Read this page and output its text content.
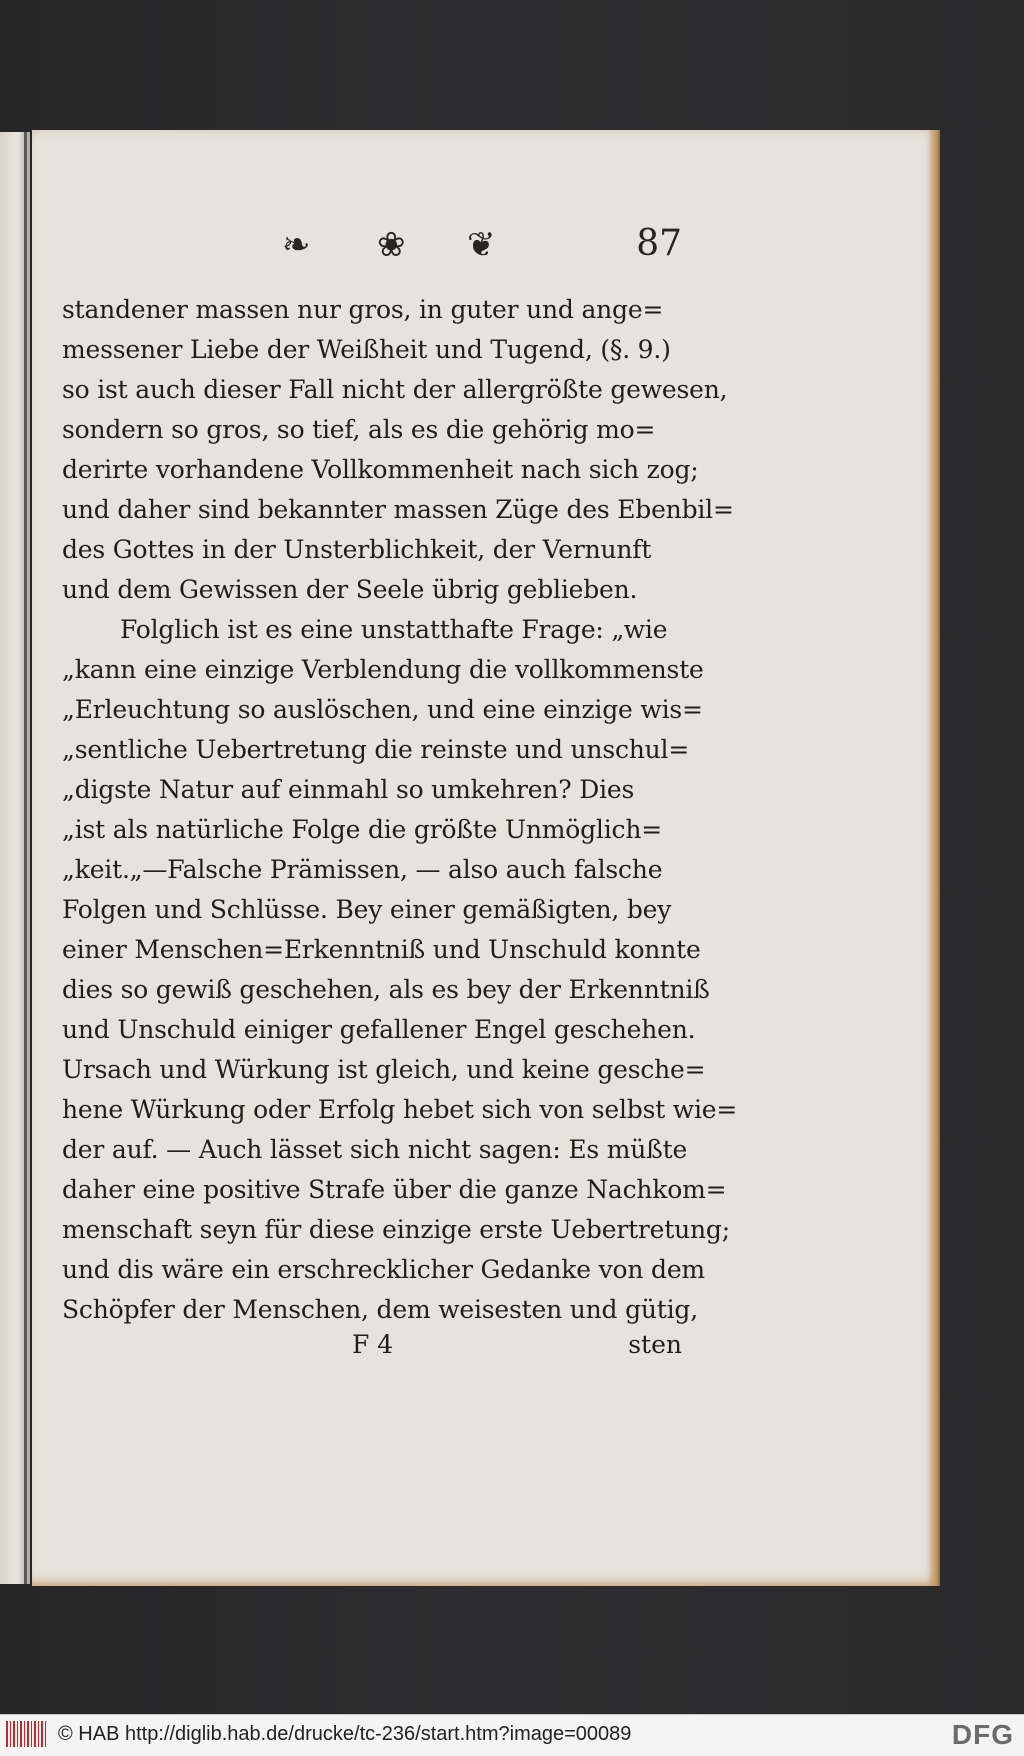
❧ ❀ ❦	87
standener massen nur gros, in guter und ange=
messener Liebe der Weißheit und Tugend, (§. 9.)
so ist auch dieser Fall nicht der allergrößte gewesen,
sondern so gros, so tief, als es die gehörig mo=
derirte vorhandene Vollkommenheit nach sich zog;
und daher sind bekannter massen Züge des Ebenbil=
des Gottes in der Unsterblichkeit, der Vernunft
und dem Gewissen der Seele übrig geblieben.
Folglich ist es eine unstatthafte Frage: „wie
„kann eine einzige Verblendung die vollkommenste
„Erleuchtung so auslöschen, und eine einzige wis=
„sentliche Uebertretung die reinste und unschul=
„digste Natur auf einmahl so umkehren? Dies
„ist als natürliche Folge die größte Unmöglich=
„keit.„—Falsche Prämissen, — also auch falsche
Folgen und Schlüsse. Bey einer gemäßigten, bey
einer Menschen=Erkenntniß und Unschuld konnte
dies so gewiß geschehen, als es bey der Erkenntniß
und Unschuld einiger gefallener Engel geschehen.
Ursach und Würkung ist gleich, und keine gesche=
hene Würkung oder Erfolg hebet sich von selbst wie=
der auf. — Auch lässet sich nicht sagen: Es müßte
daher eine positive Strafe über die ganze Nachkom=
menschaft seyn für diese einzige erste Uebertretung;
und dis wäre ein erschrecklicher Gedanke von dem
Schöpfer der Menschen, dem weisesten und gütig,
F 4	sten
© HAB http://diglib.hab.de/drucke/tc-236/start.htm?image=00089	DFG
